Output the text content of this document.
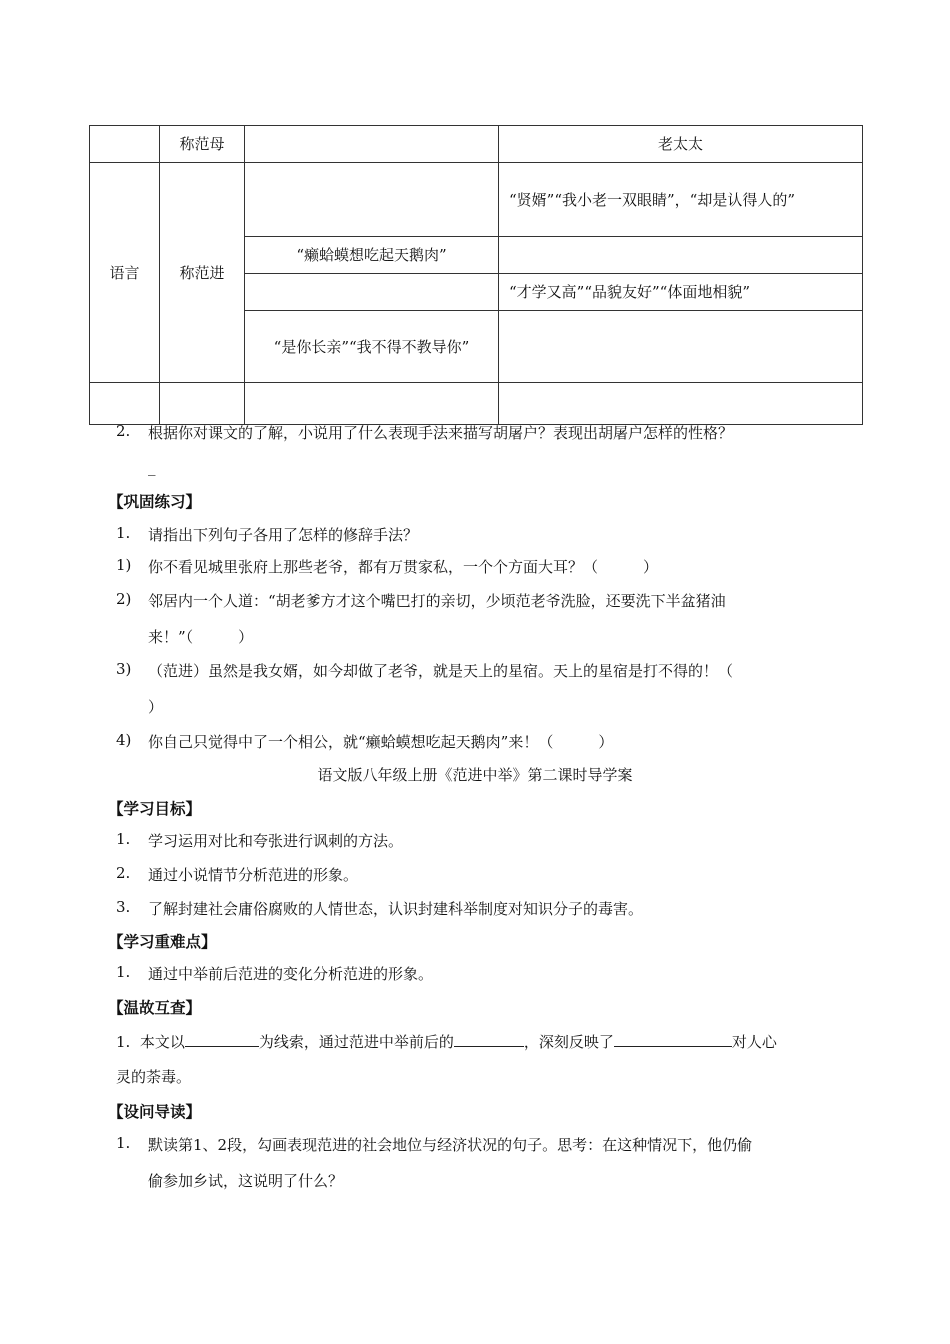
	称范母		老太太
语言	称范进		“贤婿”“我小老一双眼睛”，“却是认得人的”
		“癞蛤蟆想吃起天鹅肉”	
			“才学又高”“品貌友好”“体面地相貌”
		“是你长亲”“我不得不教导你”	

2. 根据你对课文的了解，小说用了什么表现手法来描写胡屠户？表现出胡屠户怎样的性格？
_
【巩固练习】
1. 请指出下列句子各用了怎样的修辞手法？
1) 你不看见城里张府上那些老爷，都有万贯家私，一个个方面大耳？（　　　）
2) 邻居内一个人道：“胡老爹方才这个嘴巴打的亲切，少顷范老爷洗脸，还要洗下半盆猪油
来！”（　　　）
3) （范进）虽然是我女婿，如今却做了老爷，就是天上的星宿。天上的星宿是打不得的！（
）
4) 你自己只觉得中了一个相公，就“癞蛤蟆想吃起天鹅肉”来！（　　　）
语文版八年级上册《范进中举》第二课时导学案
【学习目标】
1. 学习运用对比和夸张进行讽刺的方法。
2. 通过小说情节分析范进的形象。
3. 了解封建社会庸俗腐败的人情世态，认识封建科举制度对知识分子的毒害。
【学习重难点】
1. 通过中举前后范进的变化分析范进的形象。
【温故互查】
1. 本文以	为线索，通过范进中举前后的	，深刻反映了	对人心
灵的荼毒。
【设问导读】
1. 默读第1、2段，勾画表现范进的社会地位与经济状况的句子。思考：在这种情况下，他仍偷
偷参加乡试，这说明了什么？
